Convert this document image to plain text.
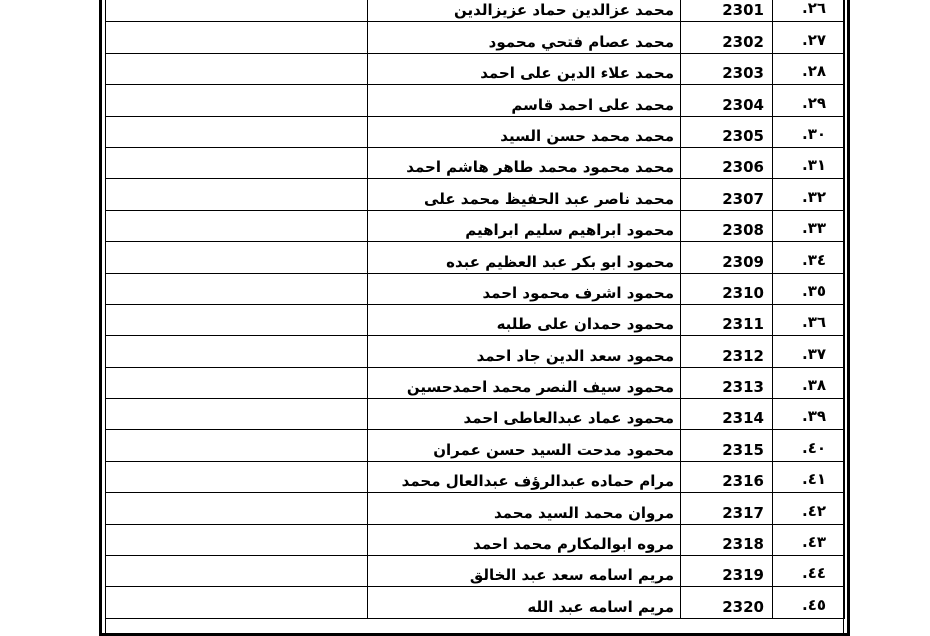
	محمد عزالدين حماد عزيزالدين	2301	٢٦.
	محمد عصام فتحي محمود	2302	٢٧.
	محمد علاء الدين على احمد	2303	٢٨.
	محمد على احمد قاسم	2304	٢٩.
	محمد محمد حسن السيد	2305	٣٠.
	محمد محمود محمد طاهر هاشم احمد	2306	٣١.
	محمد ناصر عبد الحفيظ محمد على	2307	٣٢.
	محمود ابراهيم سليم ابراهيم	2308	٣٣.
	محمود ابو بكر عبد العظيم عبده	2309	٣٤.
	محمود اشرف محمود احمد	2310	٣٥.
	محمود حمدان على طلبه	2311	٣٦.
	محمود سعد الدين جاد احمد	2312	٣٧.
	محمود سيف النصر محمد احمدحسين	2313	٣٨.
	محمود عماد عبدالعاطى احمد	2314	٣٩.
	محمود مدحت السيد حسن عمران	2315	٤٠.
	مرام حماده عبدالرؤف عبدالعال محمد	2316	٤١.
	مروان محمد السيد محمد	2317	٤٢.
	مروه ابوالمكارم محمد احمد	2318	٤٣.
	مريم اسامه سعد عبد الخالق	2319	٤٤.
	مريم اسامه عبد الله	2320	٤٥.
